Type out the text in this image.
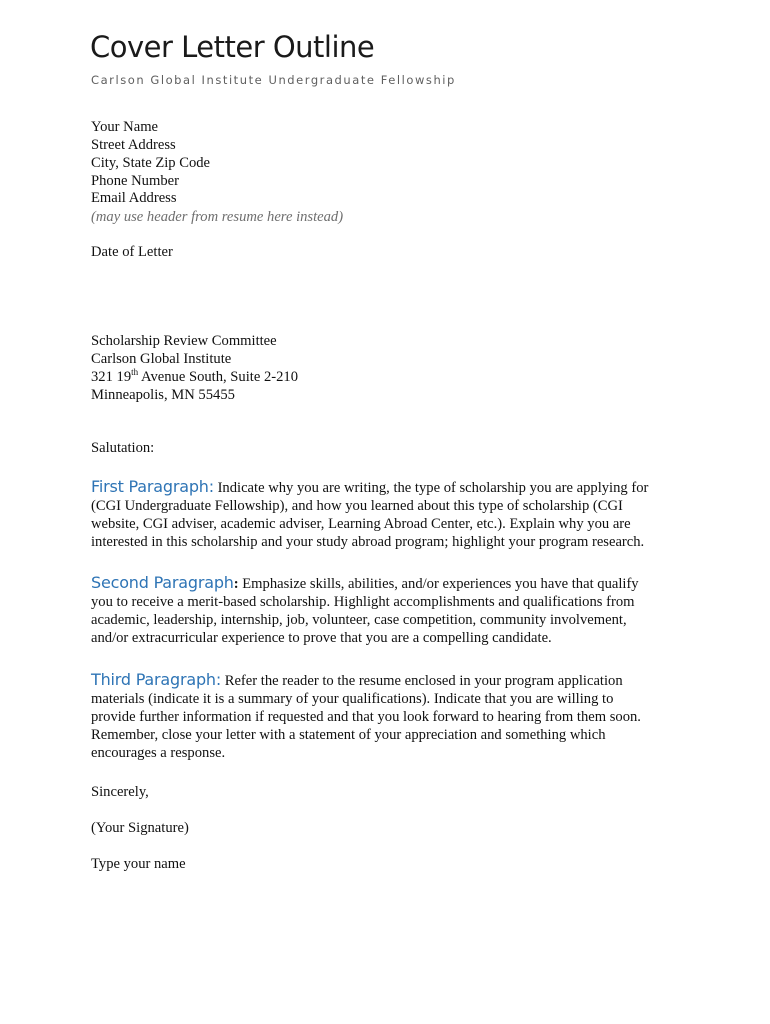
Cover Letter Outline
Carlson Global Institute Undergraduate Fellowship
Your Name
Street Address
City, State Zip Code
Phone Number
Email Address
(may use header from resume here instead)
Date of Letter
Scholarship Review Committee
Carlson Global Institute
321 19th Avenue South, Suite 2-210
Minneapolis, MN 55455
Salutation:
First Paragraph: Indicate why you are writing, the type of scholarship you are applying for
(CGI Undergraduate Fellowship), and how you learned about this type of scholarship (CGI
website, CGI adviser, academic adviser, Learning Abroad Center, etc.). Explain why you are
interested in this scholarship and your study abroad program; highlight your program research.
Second Paragraph: Emphasize skills, abilities, and/or experiences you have that qualify
you to receive a merit-based scholarship. Highlight accomplishments and qualifications from
academic, leadership, internship, job, volunteer, case competition, community involvement,
and/or extracurricular experience to prove that you are a compelling candidate.
Third Paragraph: Refer the reader to the resume enclosed in your program application
materials (indicate it is a summary of your qualifications). Indicate that you are willing to
provide further information if requested and that you look forward to hearing from them soon.
Remember, close your letter with a statement of your appreciation and something which
encourages a response.
Sincerely,
(Your Signature)
Type your name
